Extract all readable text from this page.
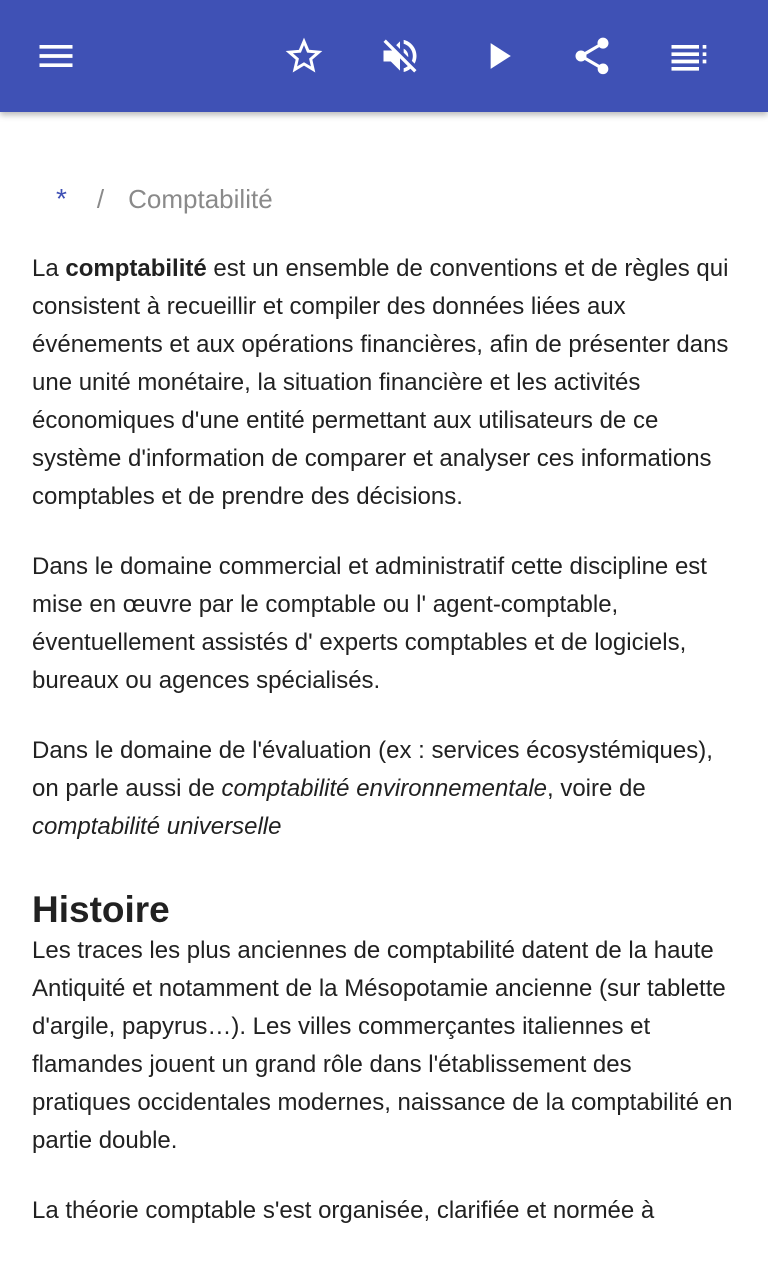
* / Comptabilité

La comptabilité est un ensemble de conventions et de règles qui consistent à recueillir et compiler des données liées aux événements et aux opérations financières, afin de présenter dans une unité monétaire, la situation financière et les activités économiques d'une entité permettant aux utilisateurs de ce système d'information de comparer et analyser ces informations comptables et de prendre des décisions.

Dans le domaine commercial et administratif cette discipline est mise en œuvre par le comptable ou l' agent-comptable, éventuellement assistés d' experts comptables et de logiciels, bureaux ou agences spécialisés.

Dans le domaine de l'évaluation (ex : services écosystémiques), on parle aussi de comptabilité environnementale, voire de comptabilité universelle

Histoire

Les traces les plus anciennes de comptabilité datent de la haute Antiquité et notamment de la Mésopotamie ancienne (sur tablette d'argile, papyrus…). Les villes commerçantes italiennes et flamandes jouent un grand rôle dans l'établissement des pratiques occidentales modernes, naissance de la comptabilité en partie double.

La théorie comptable s'est organisée, clarifiée et normée à
